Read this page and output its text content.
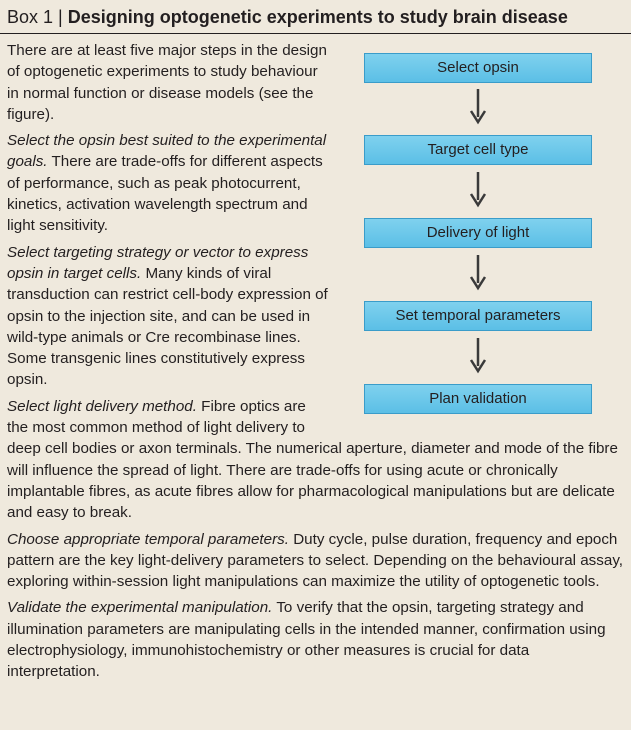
Box 1 | Designing optogenetic experiments to study brain disease

There are at least five major steps in the design of optogenetic experiments to study behaviour in normal function or disease models (see the figure).

Select the opsin best suited to the experimental goals. There are trade-offs for different aspects of performance, such as peak photocurrent, kinetics, activation wavelength spectrum and light sensitivity.

Select targeting strategy or vector to express opsin in target cells. Many kinds of viral transduction can restrict cell-body expression of opsin to the injection site, and can be used in wild-type animals or Cre recombinase lines. Some transgenic lines constitutively express opsin.

Select light delivery method. Fibre optics are the most common method of light delivery to deep cell bodies or axon terminals. The numerical aperture, diameter and mode of the fibre will influence the spread of light. There are trade-offs for using acute or chronically implantable fibres, as acute fibres allow for pharmacological manipulations but are delicate and easy to break.

Choose appropriate temporal parameters. Duty cycle, pulse duration, frequency and epoch pattern are the key light-delivery parameters to select. Depending on the behavioural assay, exploring within-session light manipulations can maximize the utility of optogenetic tools.

Validate the experimental manipulation. To verify that the opsin, targeting strategy and illumination parameters are manipulating cells in the intended manner, confirmation using electrophysiology, immunohistochemistry or other measures is crucial for data interpretation.

Select opsin
Target cell type
Delivery of light
Set temporal parameters
Plan validation
